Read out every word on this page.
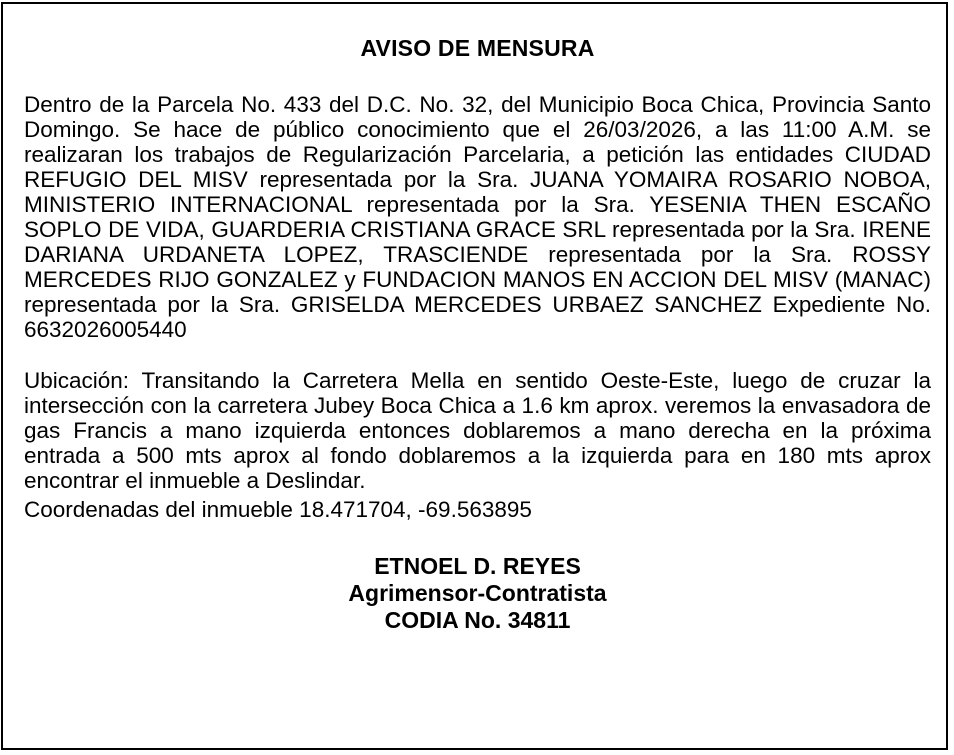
AVISO DE MENSURA

Dentro de la Parcela No. 433 del D.C. No. 32, del Municipio Boca Chica, Provincia Santo Domingo. Se hace de público conocimiento que el 26/03/2026, a las 11:00 A.M. se realizaran los trabajos de Regularización Parcelaria, a petición las entidades CIUDAD REFUGIO DEL MISV representada por la Sra. JUANA YOMAIRA ROSARIO NOBOA, MINISTERIO INTERNACIONAL representada por la Sra. YESENIA THEN ESCAÑO SOPLO DE VIDA, GUARDERIA CRISTIANA GRACE SRL representada por la Sra. IRENE DARIANA URDANETA LOPEZ, TRASCIENDE representada por la Sra. ROSSY MERCEDES RIJO GONZALEZ y FUNDACION MANOS EN ACCION DEL MISV (MANAC) representada por la Sra. GRISELDA MERCEDES URBAEZ SANCHEZ Expediente No. 6632026005440

Ubicación: Transitando la Carretera Mella en sentido Oeste-Este, luego de cruzar la intersección con la carretera Jubey Boca Chica a 1.6 km aprox. veremos la envasadora de gas Francis a mano izquierda entonces doblaremos a mano derecha en la próxima entrada a 500 mts aprox al fondo doblaremos a la izquierda para en 180 mts aprox encontrar el inmueble a Deslindar.

Coordenadas del inmueble 18.471704, -69.563895

ETNOEL D. REYES
Agrimensor-Contratista
CODIA No. 34811
